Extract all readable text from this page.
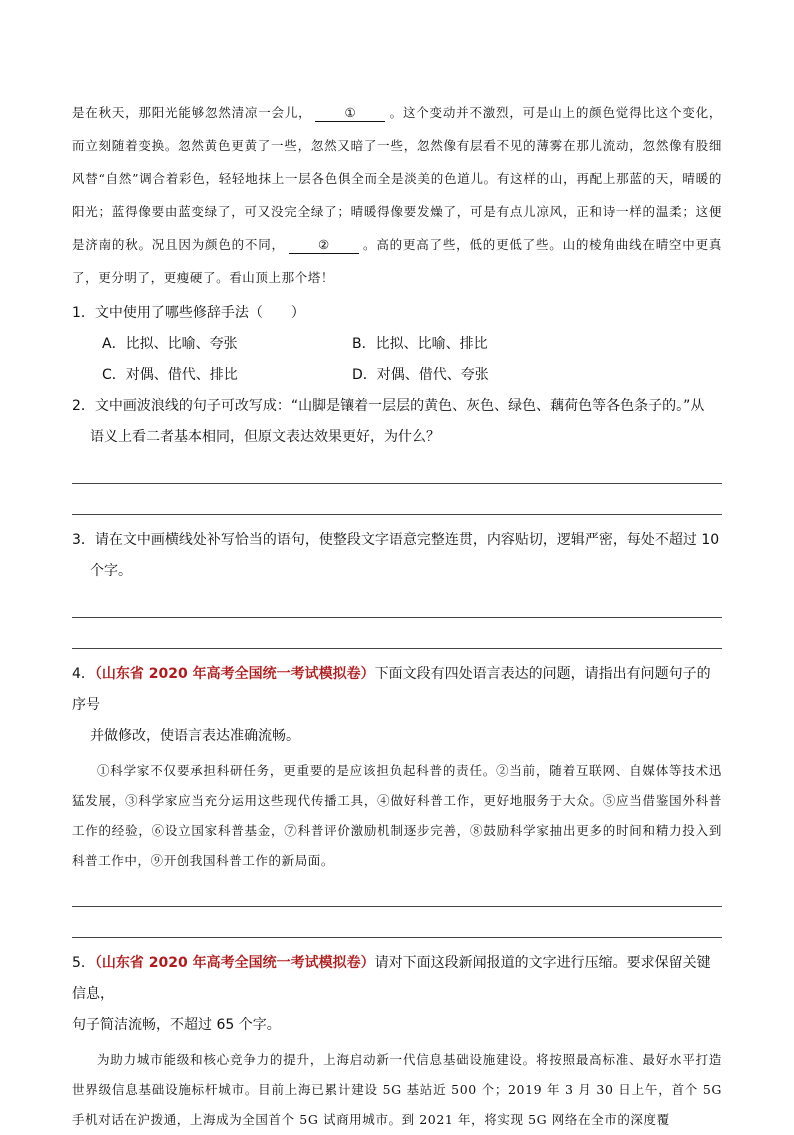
是在秋天，那阳光能够忽然清凉一会儿，	①	。这个变动并不激烈，可是山上的颜色觉得比这个变化，而立刻随着变换。忽然黄色更黄了一些，忽然又暗了一些，忽然像有层看不见的薄雾在那儿流动，忽然像有股细风替“自然”调合着彩色，轻轻地抹上一层各色俱全而全是淡美的色道儿。有这样的山，再配上那蓝的天，晴暖的阳光；蓝得像要由蓝变绿了，可又没完全绿了；晴暖得像要发燥了，可是有点儿凉风，正和诗一样的温柔；这便是济南的秋。况且因为颜色的不同，	②	。高的更高了些，低的更低了些。山的棱角曲线在晴空中更真了，更分明了，更瘦硬了。看山顶上那个塔！

1．文中使用了哪些修辞手法（　　）

A．比拟、比喻、夸张	B．比拟、比喻、排比
C．对偶、借代、排比	D．对偶、借代、夸张

2．文中画波浪线的句子可改写成：“山脚是镶着一层层的黄色、灰色、绿色、藕荷色等各色条子的。”从

语义上看二者基本相同，但原文表达效果更好，为什么？

3．请在文中画横线处补写恰当的语句，使整段文字语意完整连贯，内容贴切，逻辑严密，每处不超过 10

个字。

4．（山东省 2020 年高考全国统一考试模拟卷）下面文段有四处语言表达的问题，请指出有问题句子的序号

并做修改，使语言表达准确流畅。

①科学家不仅要承担科研任务，更重要的是应该担负起科普的责任。②当前，随着互联网、自媒体等技术迅猛发展，③科学家应当充分运用这些现代传播工具，④做好科普工作，更好地服务于大众。⑤应当借鉴国外科普工作的经验，⑥设立国家科普基金，⑦科普评价激励机制逐步完善，⑧鼓励科学家抽出更多的时间和精力投入到科普工作中，⑨开创我国科普工作的新局面。

5．（山东省 2020 年高考全国统一考试模拟卷）请对下面这段新闻报道的文字进行压缩。要求保留关键信息，

句子简洁流畅，不超过 65 个字。

为助力城市能级和核心竞争力的提升，上海启动新一代信息基础设施建设。将按照最高标准、最好水平打造世界级信息基础设施标杆城市。目前上海已累计建设 5G 基站近 500 个；2019 年 3 月 30 日上午，首个 5G 手机对话在沪拨通，上海成为全国首个 5G 试商用城市。到 2021 年，将实现 5G 网络在全市的深度覆
